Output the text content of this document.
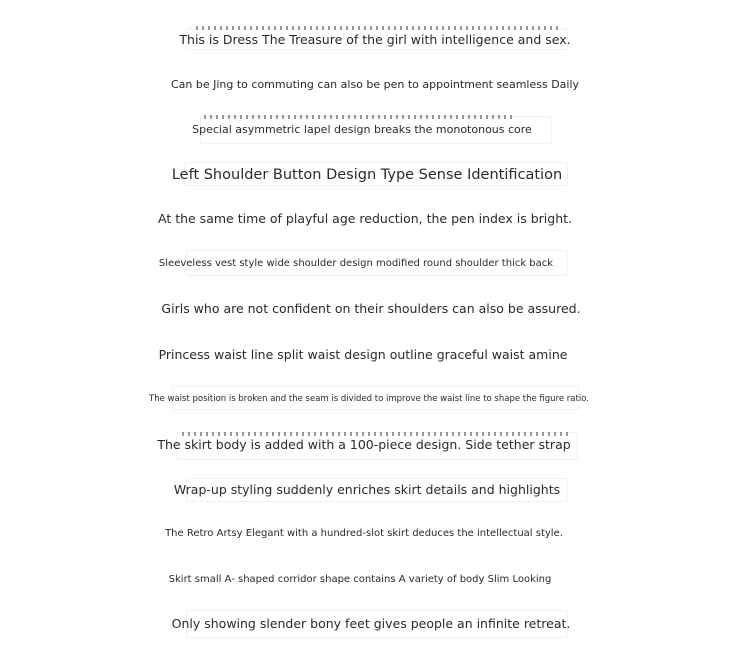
This is Dress The Treasure of the girl with intelligence and sex.
Can be Jing to commuting can also be pen to appointment seamless Daily
Special asymmetric lapel design breaks the monotonous core
Left Shoulder Button Design Type Sense Identification
At the same time of playful age reduction, the pen index is bright.
Sleeveless vest style wide shoulder design modified round shoulder thick back
Girls who are not confident on their shoulders can also be assured.
Princess waist line split waist design outline graceful waist amine
The waist position is broken and the seam is divided to improve the waist line to shape the figure ratio.
The skirt body is added with a 100-piece design. Side tether strap
Wrap-up styling suddenly enriches skirt details and highlights
The Retro Artsy Elegant with a hundred-slot skirt deduces the intellectual style.
Skirt small A- shaped corridor shape contains A variety of body Slim Looking
Only showing slender bony feet gives people an infinite retreat.
